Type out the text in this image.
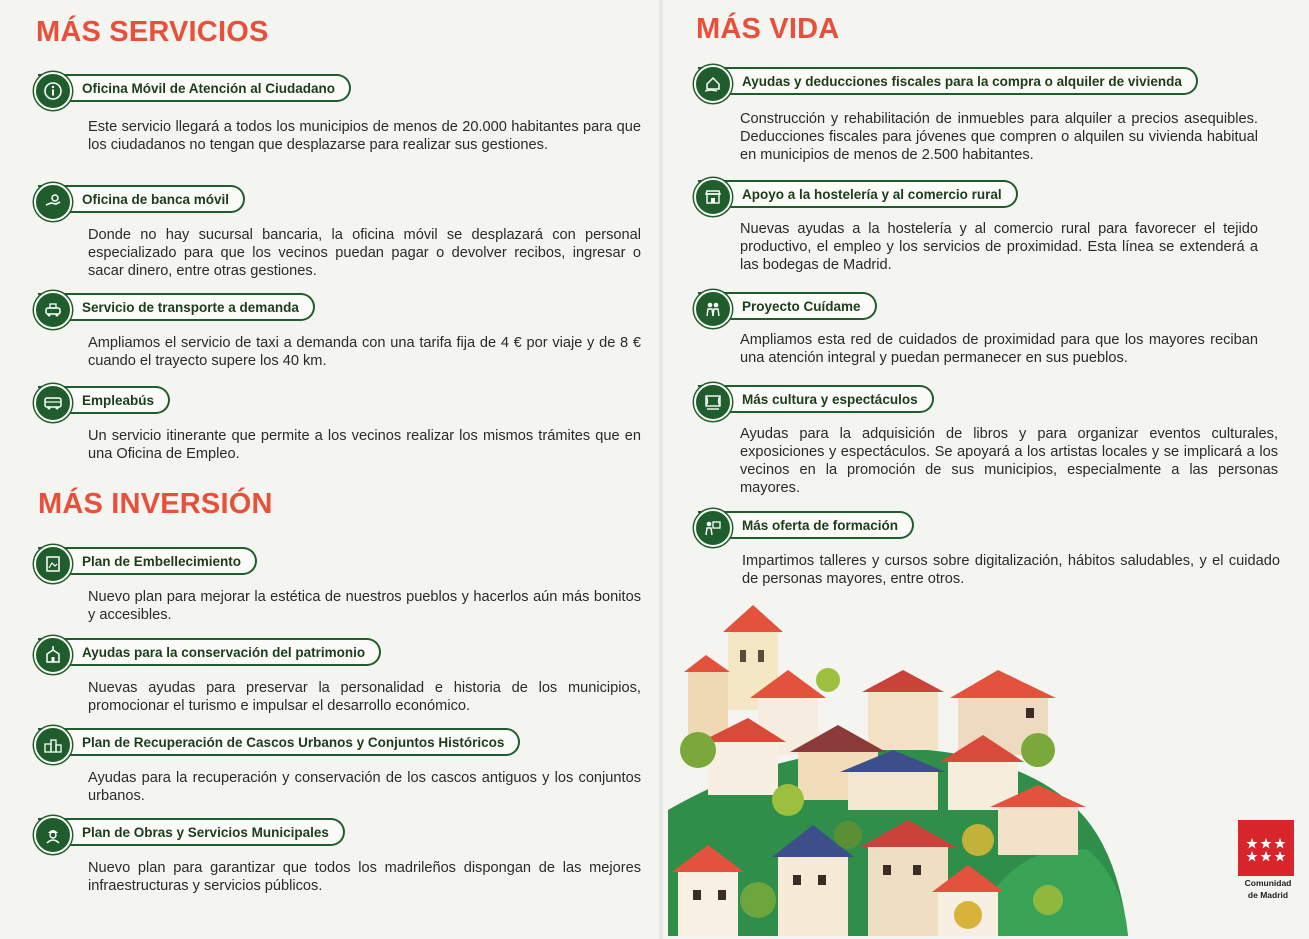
MÁS SERVICIOS
Oficina Móvil de Atención al Ciudadano

Este servicio llegará a todos los municipios de menos de 20.000 habitantes para que los ciudadanos no tengan que desplazarse para realizar sus gestiones.

Oficina de banca móvil

Donde no hay sucursal bancaria, la oficina móvil se desplazará con personal especializado para que los vecinos puedan pagar o devolver recibos, ingresar o sacar dinero, entre otras gestiones.

Servicio de transporte a demanda

Ampliamos el servicio de taxi a demanda con una tarifa fija de 4 € por viaje y de 8 € cuando el trayecto supere los 40 km.

Empleabús

Un servicio itinerante que permite a los vecinos realizar los mismos trámites que en una Oficina de Empleo.

MÁS INVERSIÓN
Plan de Embellecimiento

Nuevo plan para mejorar la estética de nuestros pueblos y hacerlos aún más bonitos y accesibles.

Ayudas para la conservación del patrimonio

Nuevas ayudas para preservar la personalidad e historia de los municipios, promocionar el turismo e impulsar el desarrollo económico.

Plan de Recuperación de Cascos Urbanos y Conjuntos Históricos

Ayudas para la recuperación y conservación de los cascos antiguos y los conjuntos urbanos.

Plan de Obras y Servicios Municipales

Nuevo plan para garantizar que todos los madrileños dispongan de las mejores infraestructuras y servicios públicos.

MÁS VIDA
Ayudas y deducciones fiscales para la compra o alquiler de vivienda

Construcción y rehabilitación de inmuebles para alquiler a precios asequibles. Deducciones fiscales para jóvenes que compren o alquilen su vivienda habitual en municipios de menos de 2.500 habitantes.

Apoyo a la hostelería y al comercio rural

Nuevas ayudas a la hostelería y al comercio rural para favorecer el tejido productivo, el empleo y los servicios de proximidad. Esta línea se extenderá a las bodegas de Madrid.

Proyecto Cuídame

Ampliamos esta red de cuidados de proximidad para que los mayores reciban una atención integral y puedan permanecer en sus pueblos.

Más cultura y espectáculos

Ayudas para la adquisición de libros y para organizar eventos culturales, exposiciones y espectáculos. Se apoyará a los artistas locales y se implicará a los vecinos en la promoción de sus municipios, especialmente a las personas mayores.

Más oferta de formación

Impartimos talleres y cursos sobre digitalización, hábitos saludables, y el cuidado de personas mayores, entre otros.

Comunidad
de Madrid
